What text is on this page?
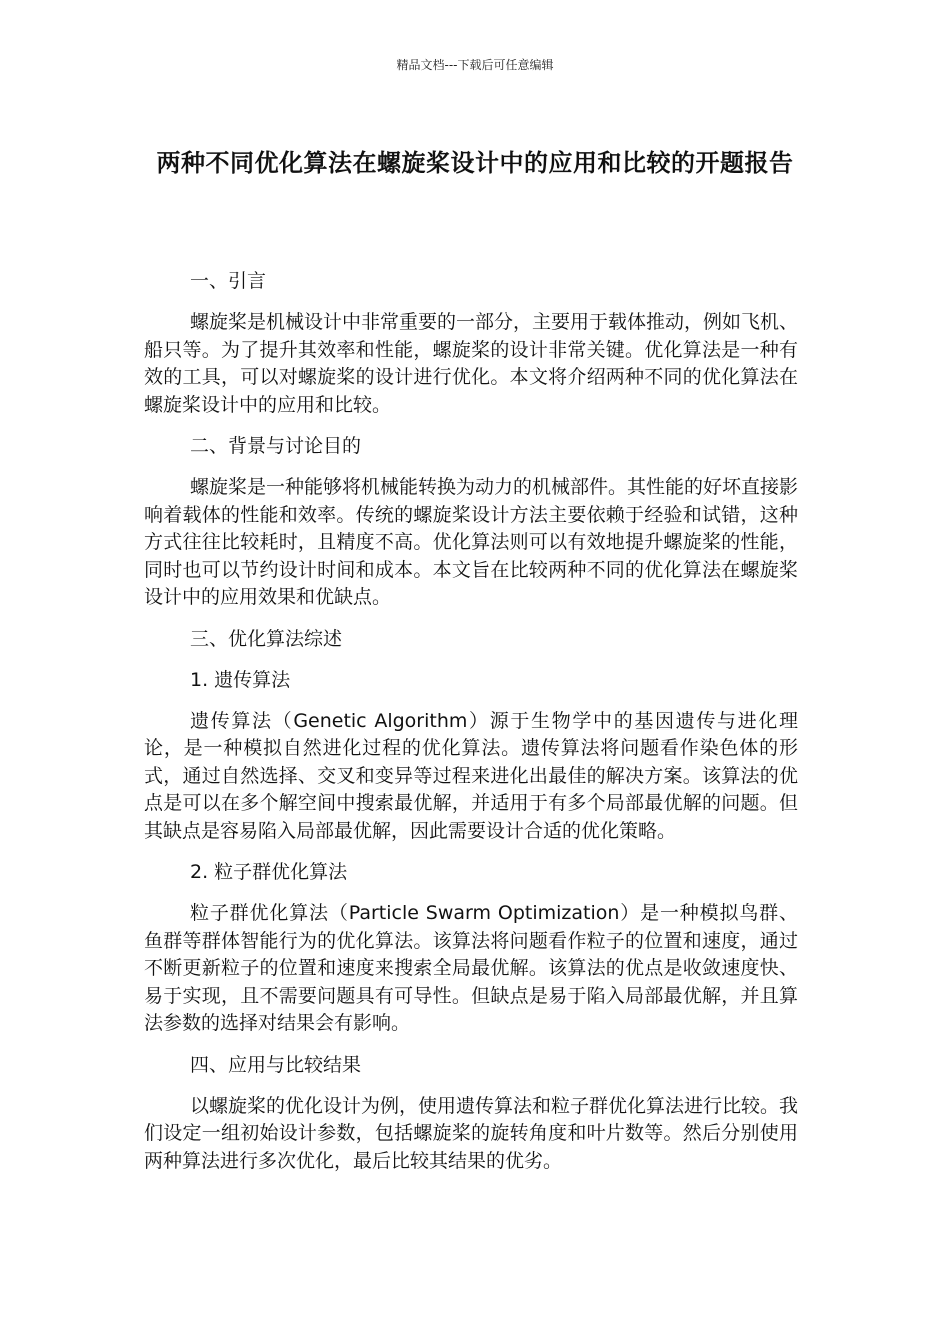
精品文档---下载后可任意编辑
两种不同优化算法在螺旋桨设计中的应用和比较的开题报告
一、引言

螺旋桨是机械设计中非常重要的一部分，主要用于载体推动，例如飞机、船只等。为了提升其效率和性能，螺旋桨的设计非常关键。优化算法是一种有效的工具，可以对螺旋桨的设计进行优化。本文将介绍两种不同的优化算法在螺旋桨设计中的应用和比较。

二、背景与讨论目的

螺旋桨是一种能够将机械能转换为动力的机械部件。其性能的好坏直接影响着载体的性能和效率。传统的螺旋桨设计方法主要依赖于经验和试错，这种方式往往比较耗时，且精度不高。优化算法则可以有效地提升螺旋桨的性能，同时也可以节约设计时间和成本。本文旨在比较两种不同的优化算法在螺旋桨设计中的应用效果和优缺点。

三、优化算法综述
1. 遗传算法

遗传算法（Genetic Algorithm）源于生物学中的基因遗传与进化理论，是一种模拟自然进化过程的优化算法。遗传算法将问题看作染色体的形式，通过自然选择、交叉和变异等过程来进化出最佳的解决方案。该算法的优点是可以在多个解空间中搜索最优解，并适用于有多个局部最优解的问题。但其缺点是容易陷入局部最优解，因此需要设计合适的优化策略。

2. 粒子群优化算法

粒子群优化算法（Particle Swarm Optimization）是一种模拟鸟群、鱼群等群体智能行为的优化算法。该算法将问题看作粒子的位置和速度，通过不断更新粒子的位置和速度来搜索全局最优解。该算法的优点是收敛速度快、易于实现，且不需要问题具有可导性。但缺点是易于陷入局部最优解，并且算法参数的选择对结果会有影响。

四、应用与比较结果

以螺旋桨的优化设计为例，使用遗传算法和粒子群优化算法进行比较。我们设定一组初始设计参数，包括螺旋桨的旋转角度和叶片数等。然后分别使用两种算法进行多次优化，最后比较其结果的优劣。
